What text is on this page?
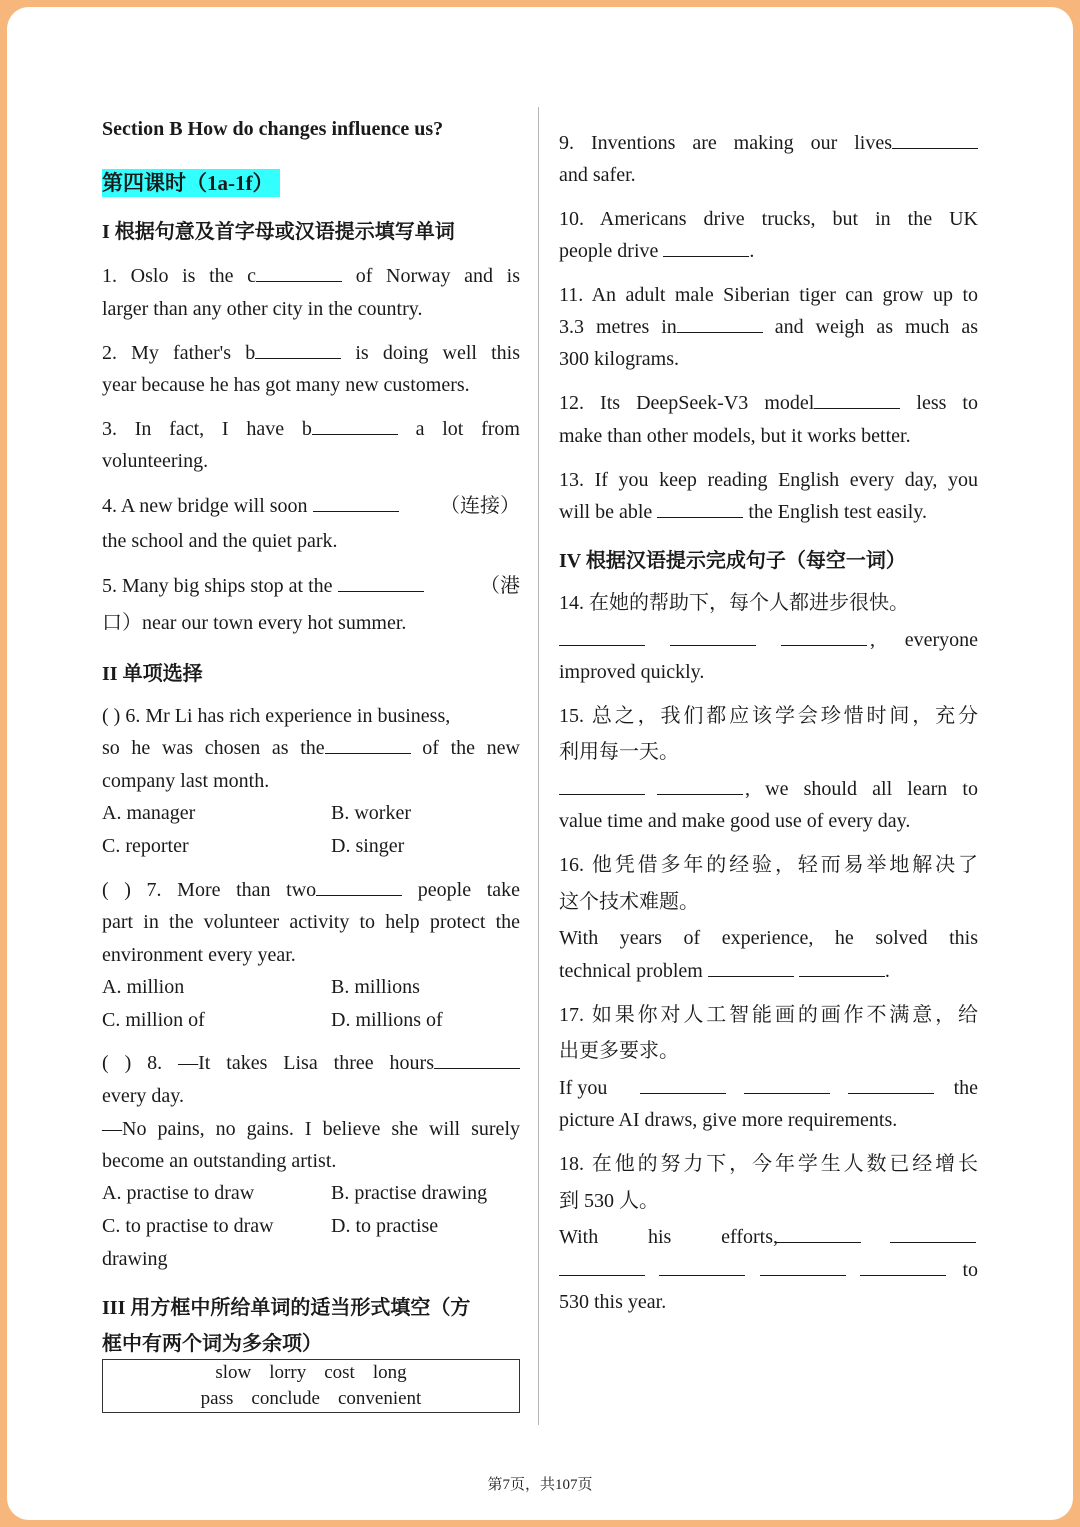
Section B How do changes influence us?
第四课时（1a-1f）
I 根据句意及首字母或汉语提示填写单词
1. Oslo is the c	of Norway and is
larger than any other city in the country.
2. My father's b	is doing well this
year because he has got many new customers.
3. In fact, I have b	a lot from
volunteering.
4. A new bridge will soon	（连接）
the school and the quiet park.
5. Many big ships stop at the	（港
口）near our town every hot summer.
II 单项选择
( ) 6. Mr Li has rich experience in business,
so he was chosen as the	of the new
company last month.
A. manager	B. worker
C. reporter	D. singer
( ) 7. More than two	people take
part in the volunteer activity to help protect the
environment every year.
A. million	B. millions
C. million of	D. millions of
( ) 8. —It takes Lisa three hours
every day.
—No pains, no gains. I believe she will surely
become an outstanding artist.
A. practise to draw	B. practise drawing
C. to practise to draw	D. to practise
drawing
III 用方框中所给单词的适当形式填空（方
框中有两个词为多余项）
slow lorry cost long
pass conclude convenient
9. Inventions are making our lives
and safer.
10. Americans drive trucks, but in the UK
people drive	.
11. An adult male Siberian tiger can grow up to
3.3 metres in	and weigh as much as
300 kilograms.
12. Its DeepSeek-V3 model	less to
make than other models, but it works better.
13. If you keep reading English every day, you
will be able	the English test easily.
IV 根据汉语提示完成句子（每空一词）
14. 在她的帮助下，每个人都进步很快。
, everyone
improved quickly.
15. 总之，我们都应该学会珍惜时间，充分
利用每一天。
, we should all learn to
value time and make good use of every day.
16. 他凭借多年的经验，轻而易举地解决了
这个技术难题。
With years of experience, he solved this
technical problem	.
17. 如果你对人工智能画的画作不满意，给
出更多要求。
If you	the
picture AI draws, give more requirements.
18. 在他的努力下，今年学生人数已经增长
到 530 人。
With his efforts,
to
530 this year.
第7页，共107页
